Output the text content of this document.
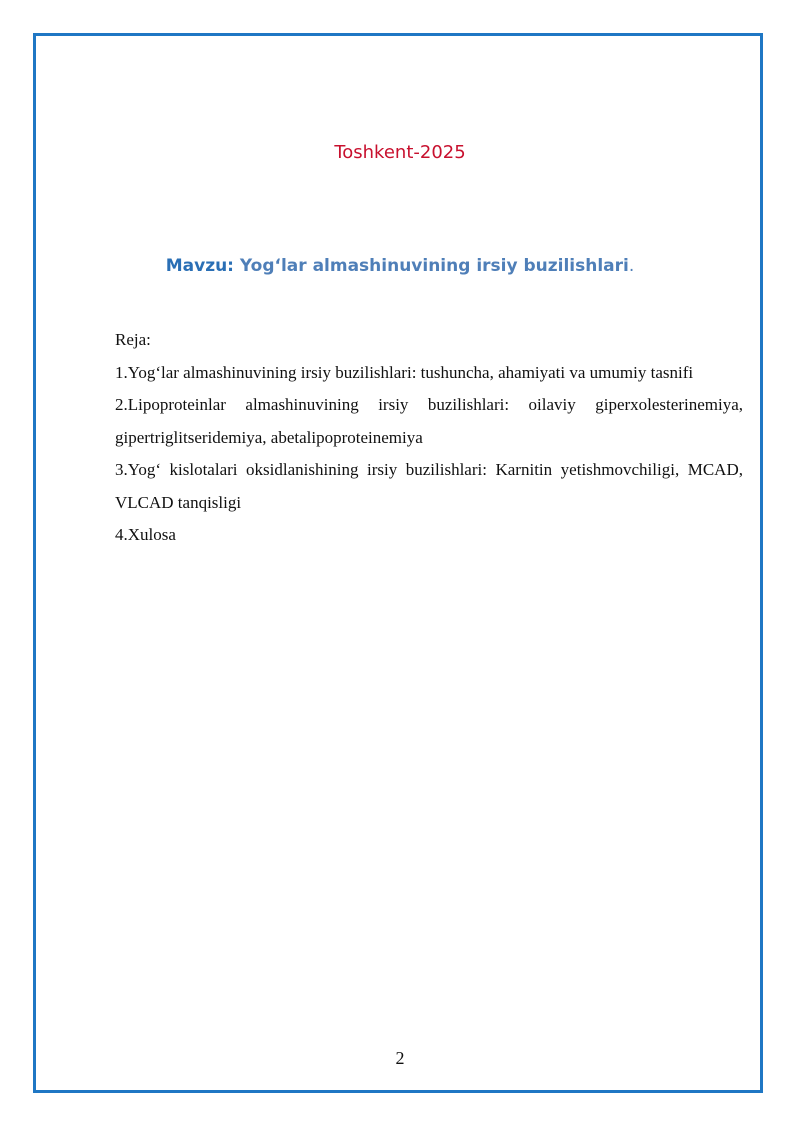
Toshkent-2025
Mavzu: Yog‘lar almashinuvining irsiy buzilishlari.

Reja:

1.Yog‘lar almashinuvining irsiy buzilishlari: tushuncha, ahamiyati va umumiy tasnifi

2.Lipoproteinlar almashinuvining irsiy buzilishlari: oilaviy giperxolesterinemiya, gipertriglitseridemiya, abetalipoproteinemiya

3.Yog‘ kislotalari oksidlanishining irsiy buzilishlari: Karnitin yetishmovchiligi, MCAD, VLCAD tanqisligi

4.Xulosa

2
